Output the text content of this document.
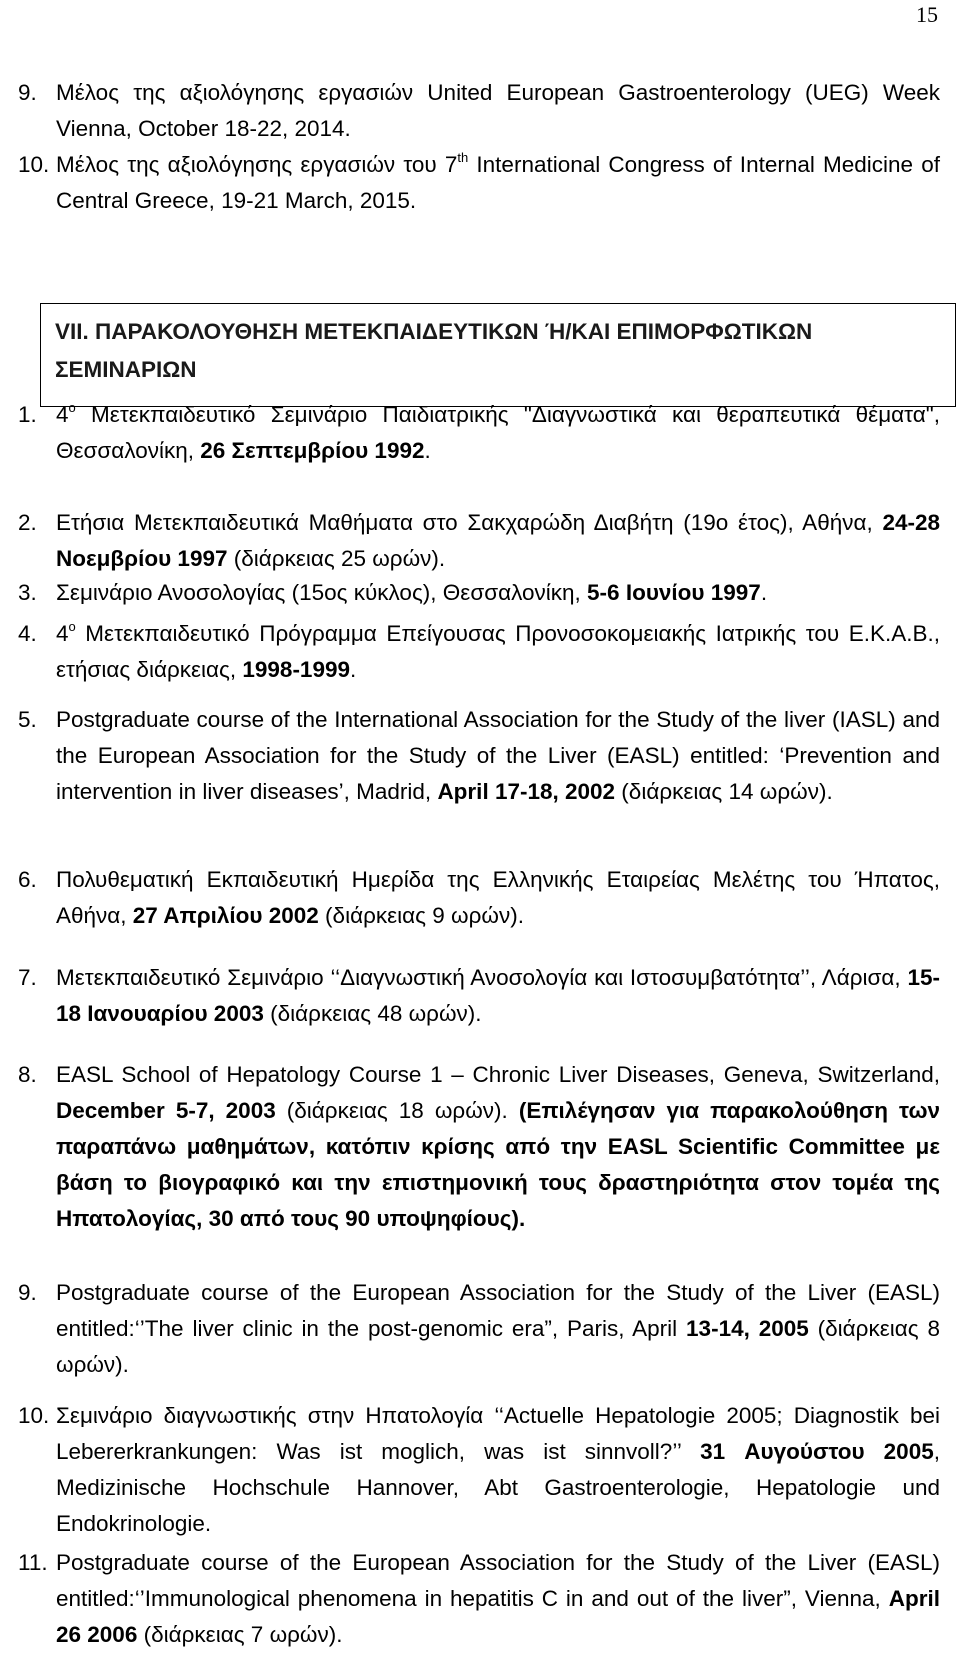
15
9. Μέλος της αξιολόγησης εργασιών United European Gastroenterology (UEG) Week Vienna, October 18-22, 2014.
10. Μέλος της αξιολόγησης εργασιών του 7th International Congress of Internal Medicine of Central Greece, 19-21 March, 2015.
VII. ΠΑΡΑΚΟΛΟΥΘΗΣΗ ΜΕΤΕΚΠΑΙΔΕΥΤΙΚΩΝ Ή/ΚΑΙ ΕΠΙΜΟΡΦΩΤΙΚΩΝ ΣΕΜΙΝΑΡΙΩΝ
1. $4^o$ Μετεκπαιδευτικό Σεμινάριο Παιδιατρικής "Διαγνωστικά και θεραπευτικά θέματα", Θεσσαλονίκη, 26 Σεπτεμβρίου 1992.
2. Ετήσια Μετεκπαιδευτικά Μαθήματα στο Σακχαρώδη Διαβήτη (19ο έτος), Αθήνα, 24-28 Νοεμβρίου 1997 (διάρκειας 25 ωρών).
3. Σεμινάριο Ανοσολογίας (15ος κύκλος), Θεσσαλονίκη, 5-6 Ιουνίου 1997.
4. $4^o$ Μετεκπαιδευτικό Πρόγραμμα Επείγουσας Προνοσοκομειακής Ιατρικής του Ε.Κ.Α.Β., ετήσιας διάρκειας, 1998-1999.
5. Postgraduate course of the International Association for the Study of the liver (IASL) and the European Association for the Study of the Liver (EASL) entitled: ‘Prevention and intervention in liver diseases’, Madrid, April 17-18, 2002 (διάρκειας 14 ωρών).
6. Πολυθεματική Εκπαιδευτική Ημερίδα της Ελληνικής Εταιρείας Μελέτης του Ήπατος, Αθήνα, 27 Απριλίου 2002 (διάρκειας 9 ωρών).
7. Μετεκπαιδευτικό Σεμινάριο ‘‘Διαγνωστική Ανοσολογία και Ιστοσυμβατότητα’’, Λάρισα, 15-18 Ιανουαρίου 2003 (διάρκειας 48 ωρών).
8. EASL School of Hepatology Course 1 – Chronic Liver Diseases, Geneva, Switzerland, December 5-7, 2003 (διάρκειας 18 ωρών). (Επιλέγησαν για παρακολούθηση των παραπάνω μαθημάτων, κατόπιν κρίσης από την EASL Scientific Committee με βάση το βιογραφικό και την επιστημονική τους δραστηριότητα στον τομέα της Ηπατολογίας, 30 από τους 90 υποψηφίους).
9. Postgraduate course of the European Association for the Study of the Liver (EASL) entitled:‘’The liver clinic in the post-genomic era”, Paris, April 13-14, 2005 (διάρκειας 8 ωρών).
10. Σεμινάριο διαγνωστικής στην Ηπατολογία ‘‘Actuelle Hepatologie 2005; Diagnostik bei Lebererkrankungen: Was ist moglich, was ist sinnvoll?’’ 31 Αυγούστου 2005, Medizinische Hochschule Hannover, Abt Gastroenterologie, Hepatologie und Endokrinologie.
11. Postgraduate course of the European Association for the Study of the Liver (EASL) entitled:‘’Immunological phenomena in hepatitis C in and out of the liver”, Vienna, April 26 2006 (διάρκειας 7 ωρών).
